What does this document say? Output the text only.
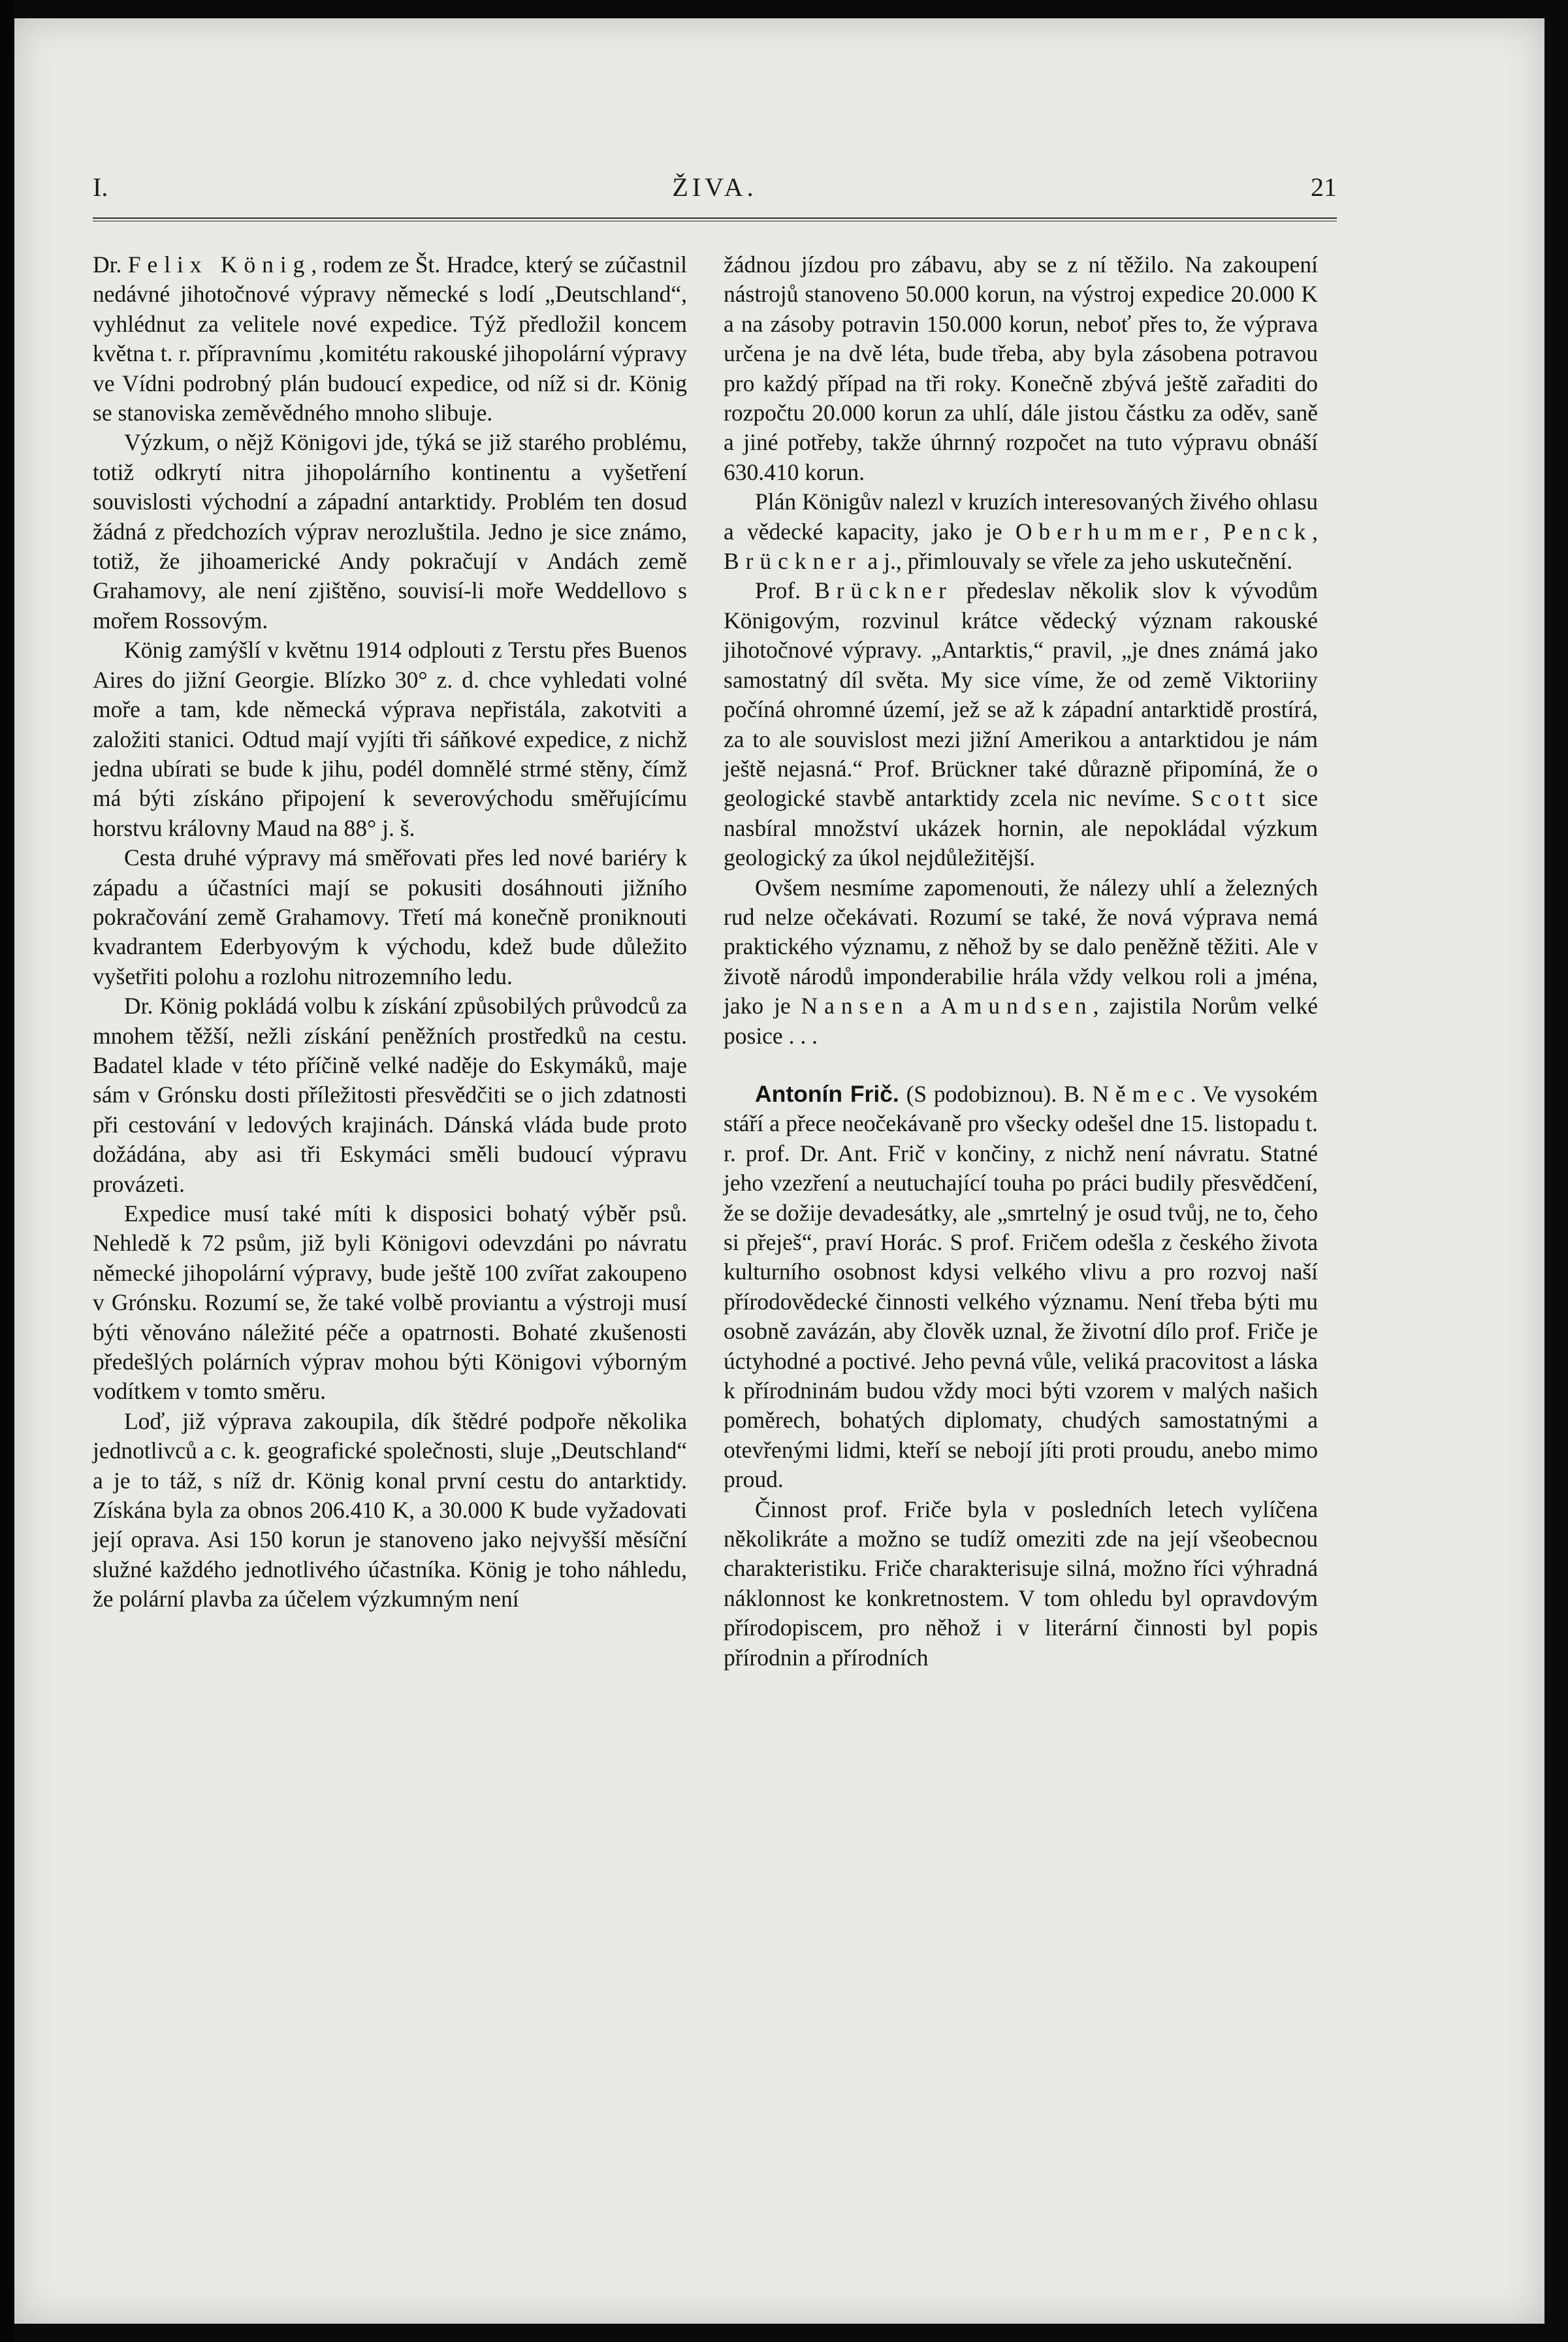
I.	ŽIVA.	21

Dr. Felix König, rodem ze Št. Hradce, který se zúčastnil nedávné jihotočnové výpravy německé s lodí „Deutschland“, vyhlédnut za velitele nové expedice. Týž předložil koncem května t. r. přípravnímu ‚komitétu rakouské jihopolární výpravy ve Vídni podrobný plán budoucí expedice, od níž si dr. König se stanoviska zeměvědného mnoho slibuje.

Výzkum, o nějž Königovi jde, týká se již starého problému, totiž odkrytí nitra jihopolárního kontinentu a vyšetření souvislosti východní a západní antarktidy. Problém ten dosud žádná z předchozích výprav nerozluštila. Jedno je sice známo, totiž, že jihoamerické Andy pokračují v Andách země Grahamovy, ale není zjištěno, souvisí-li moře Weddellovo s mořem Rossovým.

König zamýšlí v květnu 1914 odplouti z Terstu přes Buenos Aires do jižní Georgie. Blízko 30° z. d. chce vyhledati volné moře a tam, kde německá výprava nepřistála, zakotviti a založiti stanici. Odtud mají vyjíti tři sáňkové expedice, z nichž jedna ubírati se bude k jihu, podél domnělé strmé stěny, čímž má býti získáno připojení k severovýchodu směřujícímu horstvu královny Maud na 88° j. š.

Cesta druhé výpravy má směřovati přes led nové bariéry k západu a účastníci mají se pokusiti dosáhnouti jižního pokračování země Grahamovy. Třetí má konečně proniknouti kvadrantem Ederbyovým k východu, kdež bude důležito vyšetřiti polohu a rozlohu nitrozemního ledu.

Dr. König pokládá volbu k získání způsobilých průvodců za mnohem těžší, nežli získání peněžních prostředků na cestu. Badatel klade v této příčině velké naděje do Eskymáků, maje sám v Grónsku dosti příležitosti přesvědčiti se o jich zdatnosti při cestování v ledových krajinách. Dánská vláda bude proto dožádána, aby asi tři Eskymáci směli budoucí výpravu provázeti.

Expedice musí také míti k disposici bohatý výběr psů. Nehledě k 72 psům, již byli Königovi odevzdáni po návratu německé jihopolární výpravy, bude ještě 100 zvířat zakoupeno v Grónsku. Rozumí se, že také volbě proviantu a výstroji musí býti věnováno náležité péče a opatrnosti. Bohaté zkušenosti předešlých polárních výprav mohou býti Königovi výborným vodítkem v tomto směru.

Loď, již výprava zakoupila, dík štědré podpoře několika jednotlivců a c. k. geografické společnosti, sluje „Deutschland“ a je to táž, s níž dr. König konal první cestu do antarktidy. Získána byla za obnos 206.410 K, a 30.000 K bude vyžadovati její oprava. Asi 150 korun je stanoveno jako nejvyšší měsíční služné každého jednotlivého účastníka. König je toho náhledu, že polární plavba za účelem výzkumným není

žádnou jízdou pro zábavu, aby se z ní těžilo. Na zakoupení nástrojů stanoveno 50.000 korun, na výstroj expedice 20.000 K a na zásoby potravin 150.000 korun, neboť přes to, že výprava určena je na dvě léta, bude třeba, aby byla zásobena potravou pro každý případ na tři roky. Konečně zbývá ještě zařaditi do rozpočtu 20.000 korun za uhlí, dále jistou částku za oděv, saně a jiné potřeby, takže úhrnný rozpočet na tuto výpravu obnáší 630.410 korun.

Plán Königův nalezl v kruzích interesovaných živého ohlasu a vědecké kapacity, jako je Oberhummer, Penck, Brückner a j., přimlouvaly se vřele za jeho uskutečnění.

Prof. Brückner předeslav několik slov k vývodům Königovým, rozvinul krátce vědecký význam rakouské jihotočnové výpravy. „Antarktis,“ pravil, „je dnes známá jako samostatný díl světa. My sice víme, že od země Viktoriiny počíná ohromné území, jež se až k západní antarktidě prostírá, za to ale souvislost mezi jižní Amerikou a antarktidou je nám ještě nejasná.“ Prof. Brückner také důrazně připomíná, že o geologické stavbě antarktidy zcela nic nevíme. Scott sice nasbíral množství ukázek hornin, ale nepokládal výzkum geologický za úkol nejdůležitější.

Ovšem nesmíme zapomenouti, že nálezy uhlí a železných rud nelze očekávati. Rozumí se také, že nová výprava nemá praktického významu, z něhož by se dalo peněžně těžiti. Ale v životě národů imponderabilie hrála vždy velkou roli a jména, jako je Nansen a Amundsen, zajistila Norům velké posice . . .

Antonín Frič. (S podobiznou). B. Němec. Ve vysokém stáří a přece neočekávaně pro všecky odešel dne 15. listopadu t. r. prof. Dr. Ant. Frič v končiny, z nichž není návratu. Statné jeho vzezření a neutuchající touha po práci budily přesvědčení, že se dožije devadesátky, ale „smrtelný je osud tvůj, ne to, čeho si přeješ“, praví Horác. S prof. Fričem odešla z českého života kulturního osobnost kdysi velkého vlivu a pro rozvoj naší přírodovědecké činnosti velkého významu. Není třeba býti mu osobně zavázán, aby člověk uznal, že životní dílo prof. Friče je úctyhodné a poctivé. Jeho pevná vůle, veliká pracovitost a láska k přírodninám budou vždy moci býti vzorem v malých našich poměrech, bohatých diplomaty, chudých samostatnými a otevřenými lidmi, kteří se nebojí jíti proti proudu, anebo mimo proud.

Činnost prof. Friče byla v posledních letech vylíčena několikráte a možno se tudíž omeziti zde na její všeobecnou charakteristiku. Friče charakterisuje silná, možno říci výhradná náklonnost ke konkretnostem. V tom ohledu byl opravdovým přírodopiscem, pro něhož i v literární činnosti byl popis přírodnin a přírodních
